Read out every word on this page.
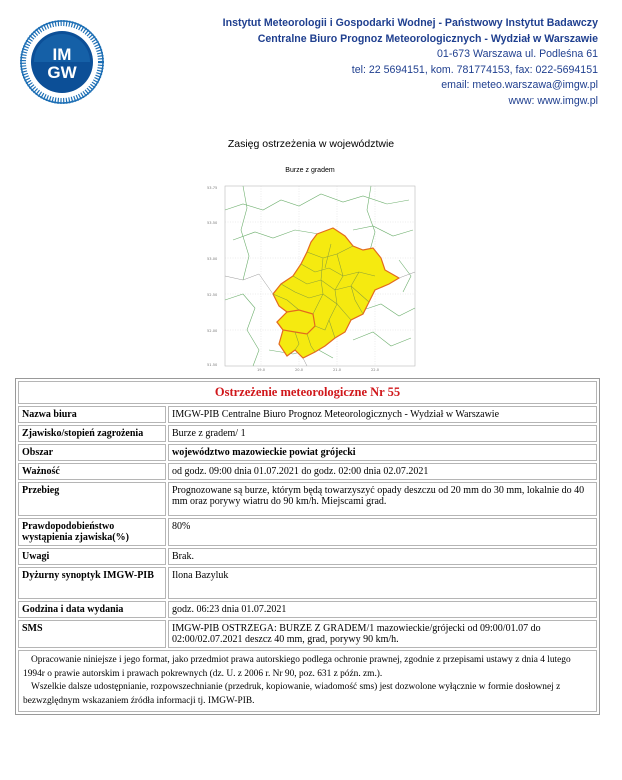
IM
GW
Instytut Meteorologii i Gospodarki Wodnej - Państwowy Instytut Badawczy
Centralne Biuro Prognoz Meteorologicznych - Wydział w Warszawie
01-673 Warszawa ul. Podleśna 61
tel: 22 5694151, kom. 781774153, fax: 022-5694151
email: meteo.warszawa@imgw.pl
www: www.imgw.pl
Zasięg ostrzeżenia w województwie
Burze z gradem
53.75
53.50
53.00
52.50
52.00
51.50
19.0	20.0	21.0	22.0
Ostrzeżenie meteorologiczne Nr 55	
Nazwa biura	IMGW-PIB Centralne Biuro Prognoz Meteorologicznych - Wydział w Warszawie
Zjawisko/stopień zagrożenia	Burze z gradem/ 1
Obszar	województwo mazowieckie powiat grójecki
Ważność	od godz. 09:00 dnia 01.07.2021 do godz. 02:00 dnia 02.07.2021
Przebieg	Prognozowane są burze, którym będą towarzyszyć opady deszczu od 20 mm do 30 mm, lokalnie do 40 mm oraz porywy wiatru do 90 km/h. Miejscami grad.
Prawdopodobieństwo wystąpienia zjawiska(%)	80%
Uwagi	Brak.
Dyżurny synoptyk IMGW-PIB	Ilona Bazyluk
Godzina i data wydania	godz. 06:23 dnia 01.07.2021
SMS	IMGW-PIB OSTRZEGA: BURZE Z GRADEM/1 mazowieckie/grójecki od 09:00/01.07 do 02:00/02.07.2021 deszcz 40 mm, grad, porywy 90 km/h.

Opracowanie niniejsze i jego format, jako przedmiot prawa autorskiego podlega ochronie prawnej, zgodnie z przepisami ustawy z dnia 4 lutego 1994r o prawie autorskim i prawach pokrewnych (dz. U. z 2006 r. Nr 90, poz. 631 z późn. zm.).

Wszelkie dalsze udostępnianie, rozpowszechnianie (przedruk, kopiowanie, wiadomość sms) jest dozwolone wyłącznie w formie dosłownej z bezwzględnym wskazaniem źródła informacji tj. IMGW-PIB.	
